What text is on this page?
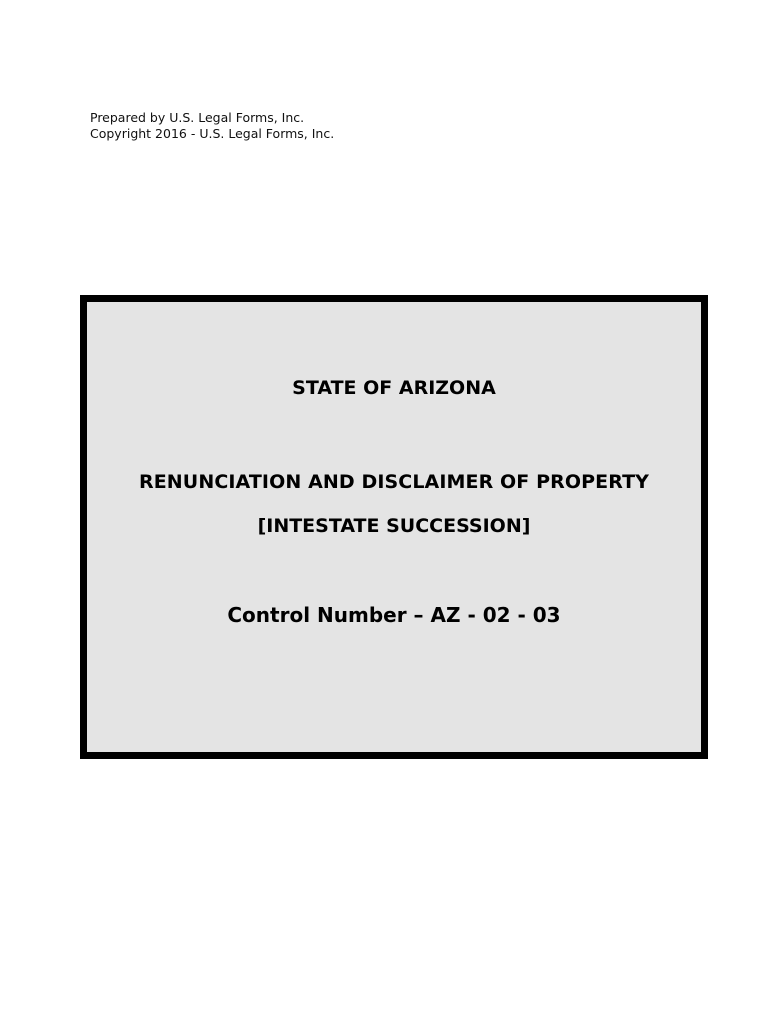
Prepared by U.S. Legal Forms, Inc.
Copyright 2016 - U.S. Legal Forms, Inc.
STATE OF ARIZONA
RENUNCIATION AND DISCLAIMER OF PROPERTY
[INTESTATE SUCCESSION]
Control Number – AZ - 02 - 03
